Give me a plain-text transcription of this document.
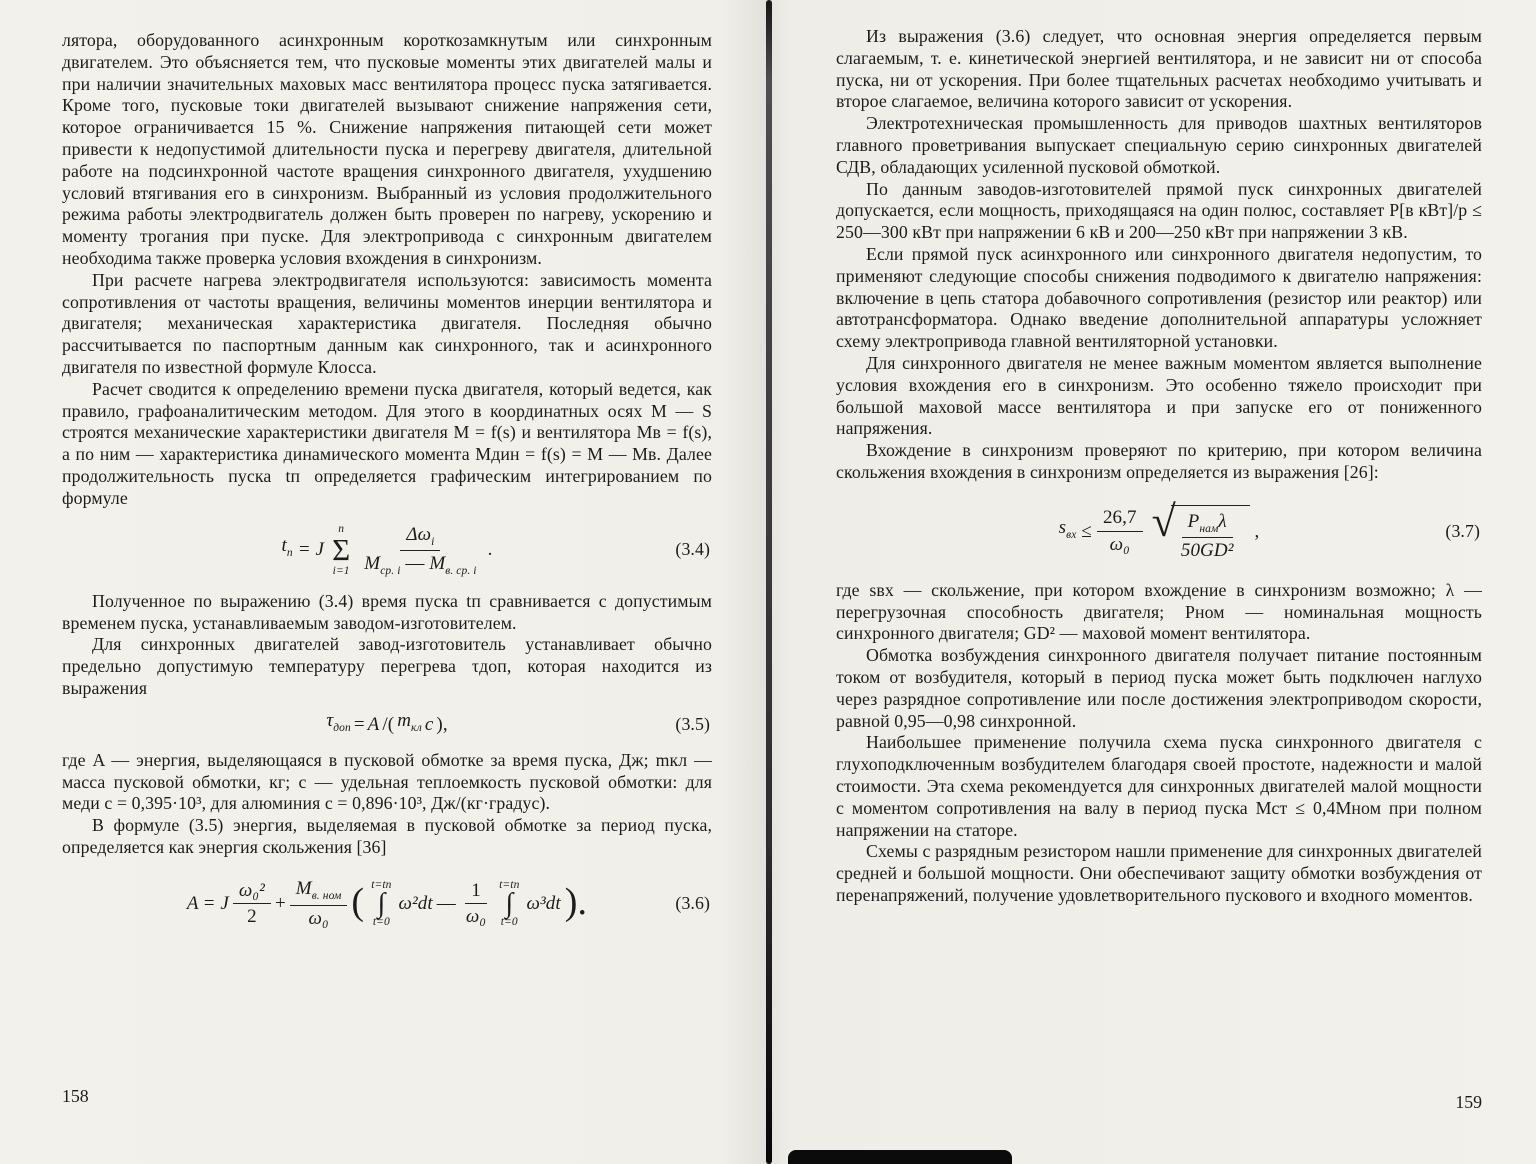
лятора, оборудованного асинхронным короткозамкнутым или синхронным двигателем. Это объясняется тем, что пусковые моменты этих двигателей малы и при наличии значительных маховых масс вентилятора процесс пуска затягивается. Кроме того, пусковые токи двигателей вызывают снижение напряжения сети, которое ограничивается 15 %. Снижение напряжения питающей сети может привести к недопустимой длительности пуска и перегреву двигателя, длительной работе на подсинхронной частоте вращения синхронного двигателя, ухудшению условий втягивания его в синхронизм. Выбранный из условия продолжительного режима работы электродвигатель должен быть проверен по нагреву, ускорению и моменту трогания при пуске. Для электропривода с синхронным двигателем необходима также проверка условия вхождения в синхронизм.

При расчете нагрева электродвигателя используются: зависимость момента сопротивления от частоты вращения, величины моментов инерции вентилятора и двигателя; механическая характеристика двигателя. Последняя обычно рассчитывается по паспортным данным как синхронного, так и асинхронного двигателя по известной формуле Клосса.

Расчет сводится к определению времени пуска двигателя, который ведется, как правило, графоаналитическим методом. Для этого в координатных осях M — S строятся механические характеристики двигателя M = f(s) и вентилятора Mв = f(s), а по ним — характеристика динамического момента Mдин = f(s) = M — Mв. Далее продолжительность пуска tп определяется графическим интегрированием по формуле

$t_п = J$
n
Σ
$i=1 \frac{\Delta\omega_i}{M_{ср. i} — M_{в. ср. i}}$ .	(3.4)

Полученное по выражению (3.4) время пуска tп сравнивается с допустимым временем пуска, устанавливаемым заводом-изготовителем.

Для синхронных двигателей завод-изготовитель устанавливает обычно предельно допустимую температуру перегрева τдоп, которая находится из выражения

$\tau_{доп} = A$ /( $m_{кл}$ c ),	(3.5)

где A — энергия, выделяющаяся в пусковой обмотке за время пуска, Дж; mкл — масса пусковой обмотки, кг; c — удельная теплоемкость пусковой обмотки: для меди c = 0,395·10³, для алюминия c = 0,896·10³, Дж/(кг·градус).

В формуле (3.5) энергия, выделяемая в пусковой обмотке за период пуска, определяется как энергия скольжения [36]

A = J $\frac{\text{ω₀²}}{2} + \frac{M_{в. ном}}{\text{ω₀}}$ ( t=tп
∫
t=0
ω²dt — $\frac{1}{\text{ω₀}} t=tп$
∫
t=0
ω³dt ).	(3.6)

Из выражения (3.6) следует, что основная энергия определяется первым слагаемым, т. е. кинетической энергией вентилятора, и не зависит ни от способа пуска, ни от ускорения. При более тщательных расчетах необходимо учитывать и второе слагаемое, величина которого зависит от ускорения.

Электротехническая промышленность для приводов шахтных вентиляторов главного проветривания выпускает специальную серию синхронных двигателей СДВ, обладающих усиленной пусковой обмоткой.

По данным заводов-изготовителей прямой пуск синхронных двигателей допускается, если мощность, приходящаяся на один полюс, составляет P[в кВт]/p ≤ 250—300 кВт при напряжении 6 кВ и 200—250 кВт при напряжении 3 кВ.

Если прямой пуск асинхронного или синхронного двигателя недопустим, то применяют следующие способы снижения подводимого к двигателю напряжения: включение в цепь статора добавочного сопротивления (резистор или реактор) или автотрансформатора. Однако введение дополнительной аппаратуры усложняет схему электропривода главной вентиляторной установки.

Для синхронного двигателя не менее важным моментом является выполнение условия вхождения его в синхронизм. Это особенно тяжело происходит при большой маховой массе вентилятора и при запуске его от пониженного напряжения.

Вхождение в синхронизм проверяют по критерию, при котором величина скольжения вхождения в синхронизм определяется из выражения [26]:

$s_{вх} \le \frac{26,7}{\text{ω₀}}$ √ $\frac{P_{нам}\lambda}{\text{50GD²}}$ ,	(3.7)

где sвх — скольжение, при котором вхождение в синхронизм возможно; λ — перегрузочная способность двигателя; Pном — номинальная мощность синхронного двигателя; GD² — маховой момент вентилятора.

Обмотка возбуждения синхронного двигателя получает питание постоянным током от возбудителя, который в период пуска может быть подключен наглухо через разрядное сопротивление или после достижения электроприводом скорости, равной 0,95—0,98 синхронной.

Наибольшее применение получила схема пуска синхронного двигателя с глухоподключенным возбудителем благодаря своей простоте, надежности и малой стоимости. Эта схема рекомендуется для синхронных двигателей малой мощности с моментом сопротивления на валу в период пуска Mст ≤ 0,4Mном при полном напряжении на статоре.

Схемы с разрядным резистором нашли применение для синхронных двигателей средней и большой мощности. Они обеспечивают защиту обмотки возбуждения от перенапряжений, получение удовлетворительного пускового и входного моментов.

158	159
